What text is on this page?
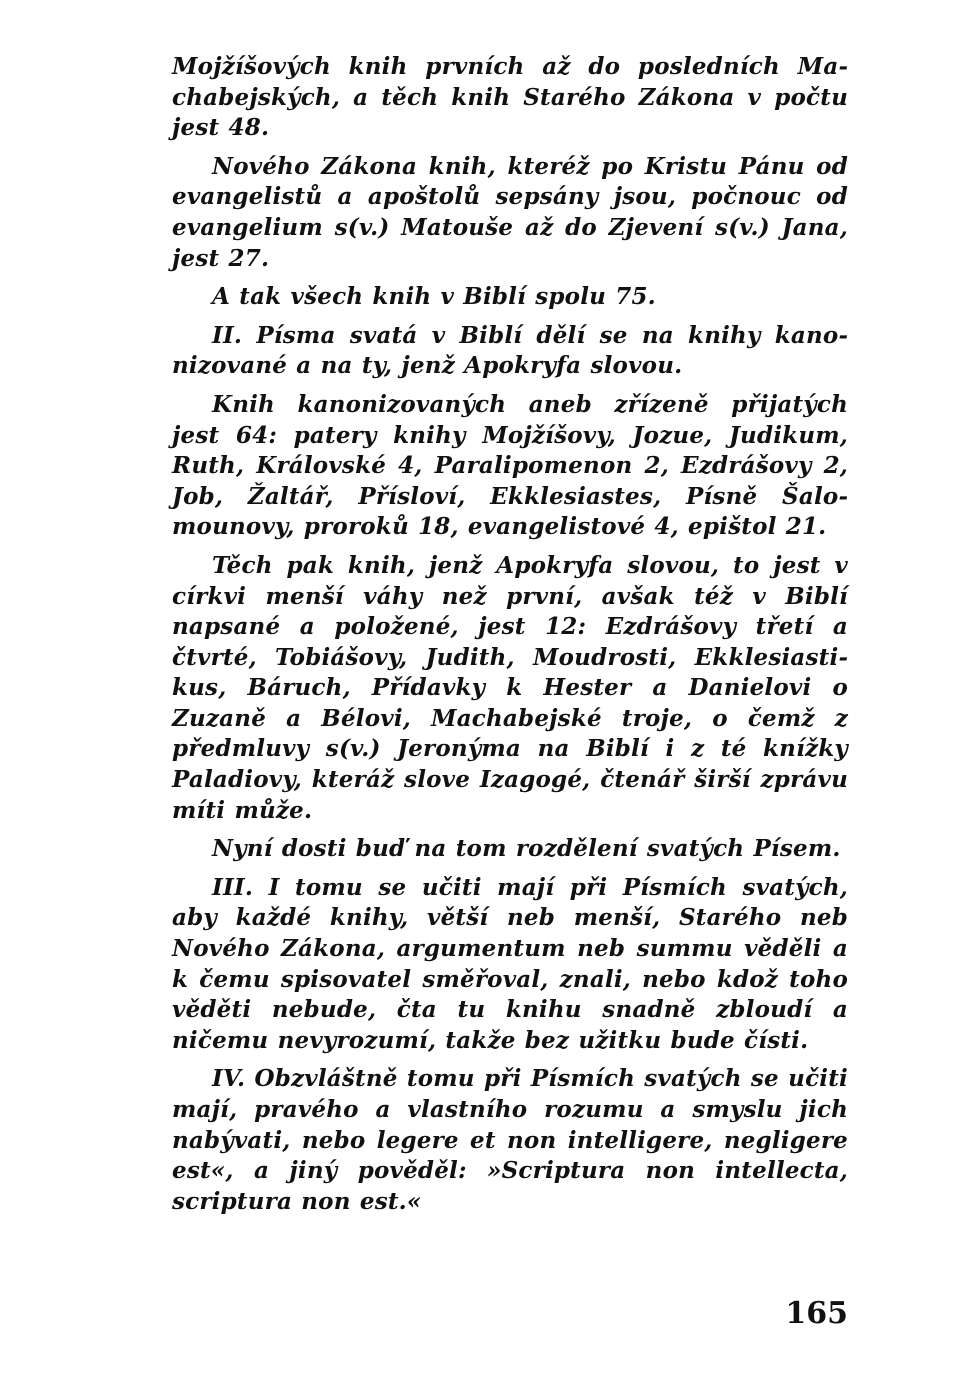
Mojžíšových knih prvních až do posledních Machabejských, a těch knih Starého Zákona v počtu jest 48.

Nového Zákona knih, kteréž po Kristu Pánu od evangelistů a apoštolů sepsány jsou, počnouc od evangelium s(v.) Matouše až do Zjevení s(v.) Jana, jest 27.

A tak všech knih v Biblí spolu 75.

II. Písma svatá v Biblí dělí se na knihy kanonizované a na ty, jenž Apokryfa slovou.

Knih kanonizovaných aneb zřízeně přijatých jest 64: patery knihy Mojžíšovy, Jozue, Judikum, Ruth, Královské 4, Paralipomenon 2, Ezdrášovy 2, Job, Žaltář, Přísloví, Ekklesiastes, Písně Šalomounovy, proroků 18, evangelistové 4, epištol 21.

Těch pak knih, jenž Apokryfa slovou, to jest v církvi menší váhy než první, avšak též v Biblí napsané a položené, jest 12: Ezdrášovy třetí a čtvrté, Tobiášovy, Judith, Moudrosti, Ekklesiastikus, Báruch, Přídavky k Hester a Danielovi o Zuzaně a Bélovi, Machabejské troje, o čemž z předmluvy s(v.) Jeronýma na Biblí i z té knížky Paladiovy, kteráž slove Izagogé, čtenář širší zprávu míti může.

Nyní dosti buď na tom rozdělení svatých Písem.

III. I tomu se učiti mají při Písmích svatých, aby každé knihy, větší neb menší, Starého neb Nového Zákona, argumentum neb summu věděli a k čemu spisovatel směřoval, znali, nebo kdož toho věděti nebude, čta tu knihu snadně zbloudí a ničemu nevyrozumí, takže bez užitku bude čísti.

IV. Obzvláštně tomu při Písmích svatých se učiti mají, pravého a vlastního rozumu a smyslu jich nabývati, nebo legere et non intelligere, negligere est«, a jiný pověděl: »Scriptura non intellecta, scriptura non est.«

165
